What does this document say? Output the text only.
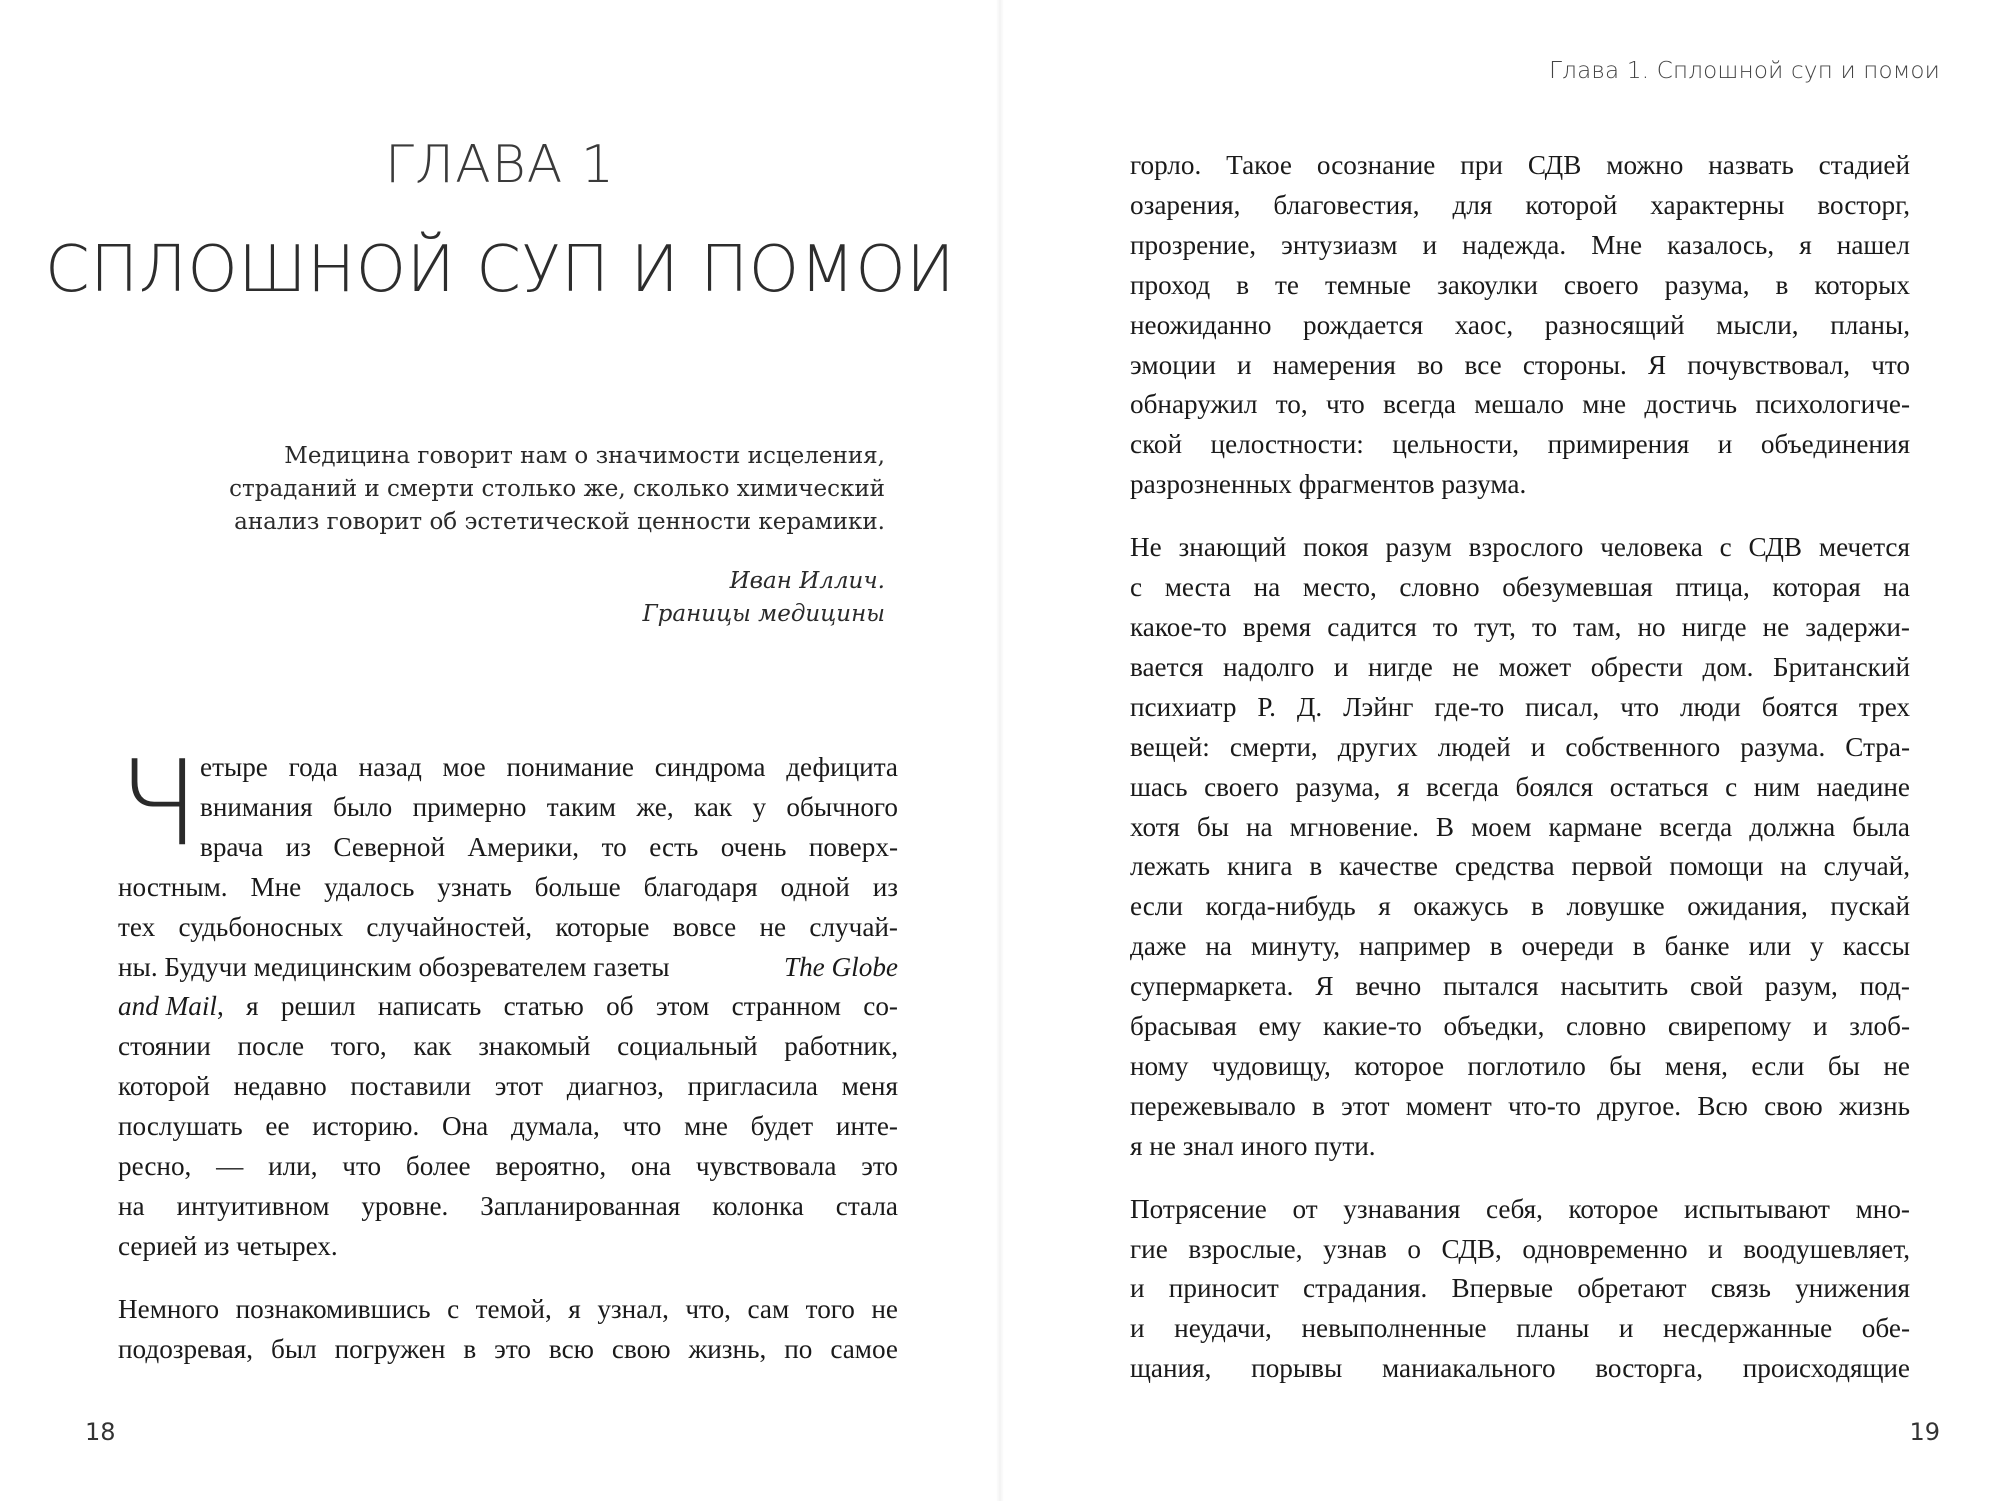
ГЛАВА 1
СПЛОШНОЙ СУП И ПОМОИ

Медицина говорит нам о значимости исцеления,

страданий и смерти столько же, сколько химический

анализ говорит об эстетической ценности керамики.

Иван Иллич.

Границы медицины

Ч етыре года назад мое понимание синдрома дефицита
внимания было примерно таким же, как у обычного
врача из Северной Америки, то есть очень поверх-
ностным. Мне удалось узнать больше благодаря одной из
тех судьбоносных случайностей, которые вовсе не случай-
ны. Будучи медицинским обозревателем газеты	The Globe
and Mail , я решил написать статью об этом странном со-
стоянии после того, как знакомый социальный работник,
которой недавно поставили этот диагноз, пригласила меня
послушать ее историю. Она думала, что мне будет инте-
ресно, — или, что более вероятно, она чувствовала это
на интуитивном уровне. Запланированная колонка стала
серией из четырех.
Немного познакомившись с темой, я узнал, что, сам того не
подозревая, был погружен в это всю свою жизнь, по самое
18
Глава 1. Сплошной суп и помои
горло. Такое осознание при СДВ можно назвать стадией
озарения, благовестия, для которой характерны восторг,
прозрение, энтузиазм и надежда. Мне казалось, я нашел
проход в те темные закоулки своего разума, в которых
неожиданно рождается хаос, разносящий мысли, планы,
эмоции и намерения во все стороны. Я почувствовал, что
обнаружил то, что всегда мешало мне достичь психологиче-
ской целостности: цельности, примирения и объединения
разрозненных фрагментов разума.
Не знающий покоя разум взрослого человека с СДВ мечется
с места на место, словно обезумевшая птица, которая на
какое-то время садится то тут, то там, но нигде не задержи-
вается надолго и нигде не может обрести дом. Британский
психиатр Р. Д. Лэйнг где-то писал, что люди боятся трех
вещей: смерти, других людей и собственного разума. Стра-
шась своего разума, я всегда боялся остаться с ним наедине
хотя бы на мгновение. В моем кармане всегда должна была
лежать книга в качестве средства первой помощи на случай,
если когда-нибудь я окажусь в ловушке ожидания, пускай
даже на минуту, например в очереди в банке или у кассы
супермаркета. Я вечно пытался насытить свой разум, под-
брасывая ему какие-то объедки, словно свирепому и злоб-
ному чудовищу, которое поглотило бы меня, если бы не
пережевывало в этот момент что-то другое. Всю свою жизнь
я не знал иного пути.
Потрясение от узнавания себя, которое испытывают мно-
гие взрослые, узнав о СДВ, одновременно и воодушевляет,
и приносит страдания. Впервые обретают связь унижения
и неудачи, невыполненные планы и несдержанные обе-
щания, порывы маниакального восторга, происходящие
19
